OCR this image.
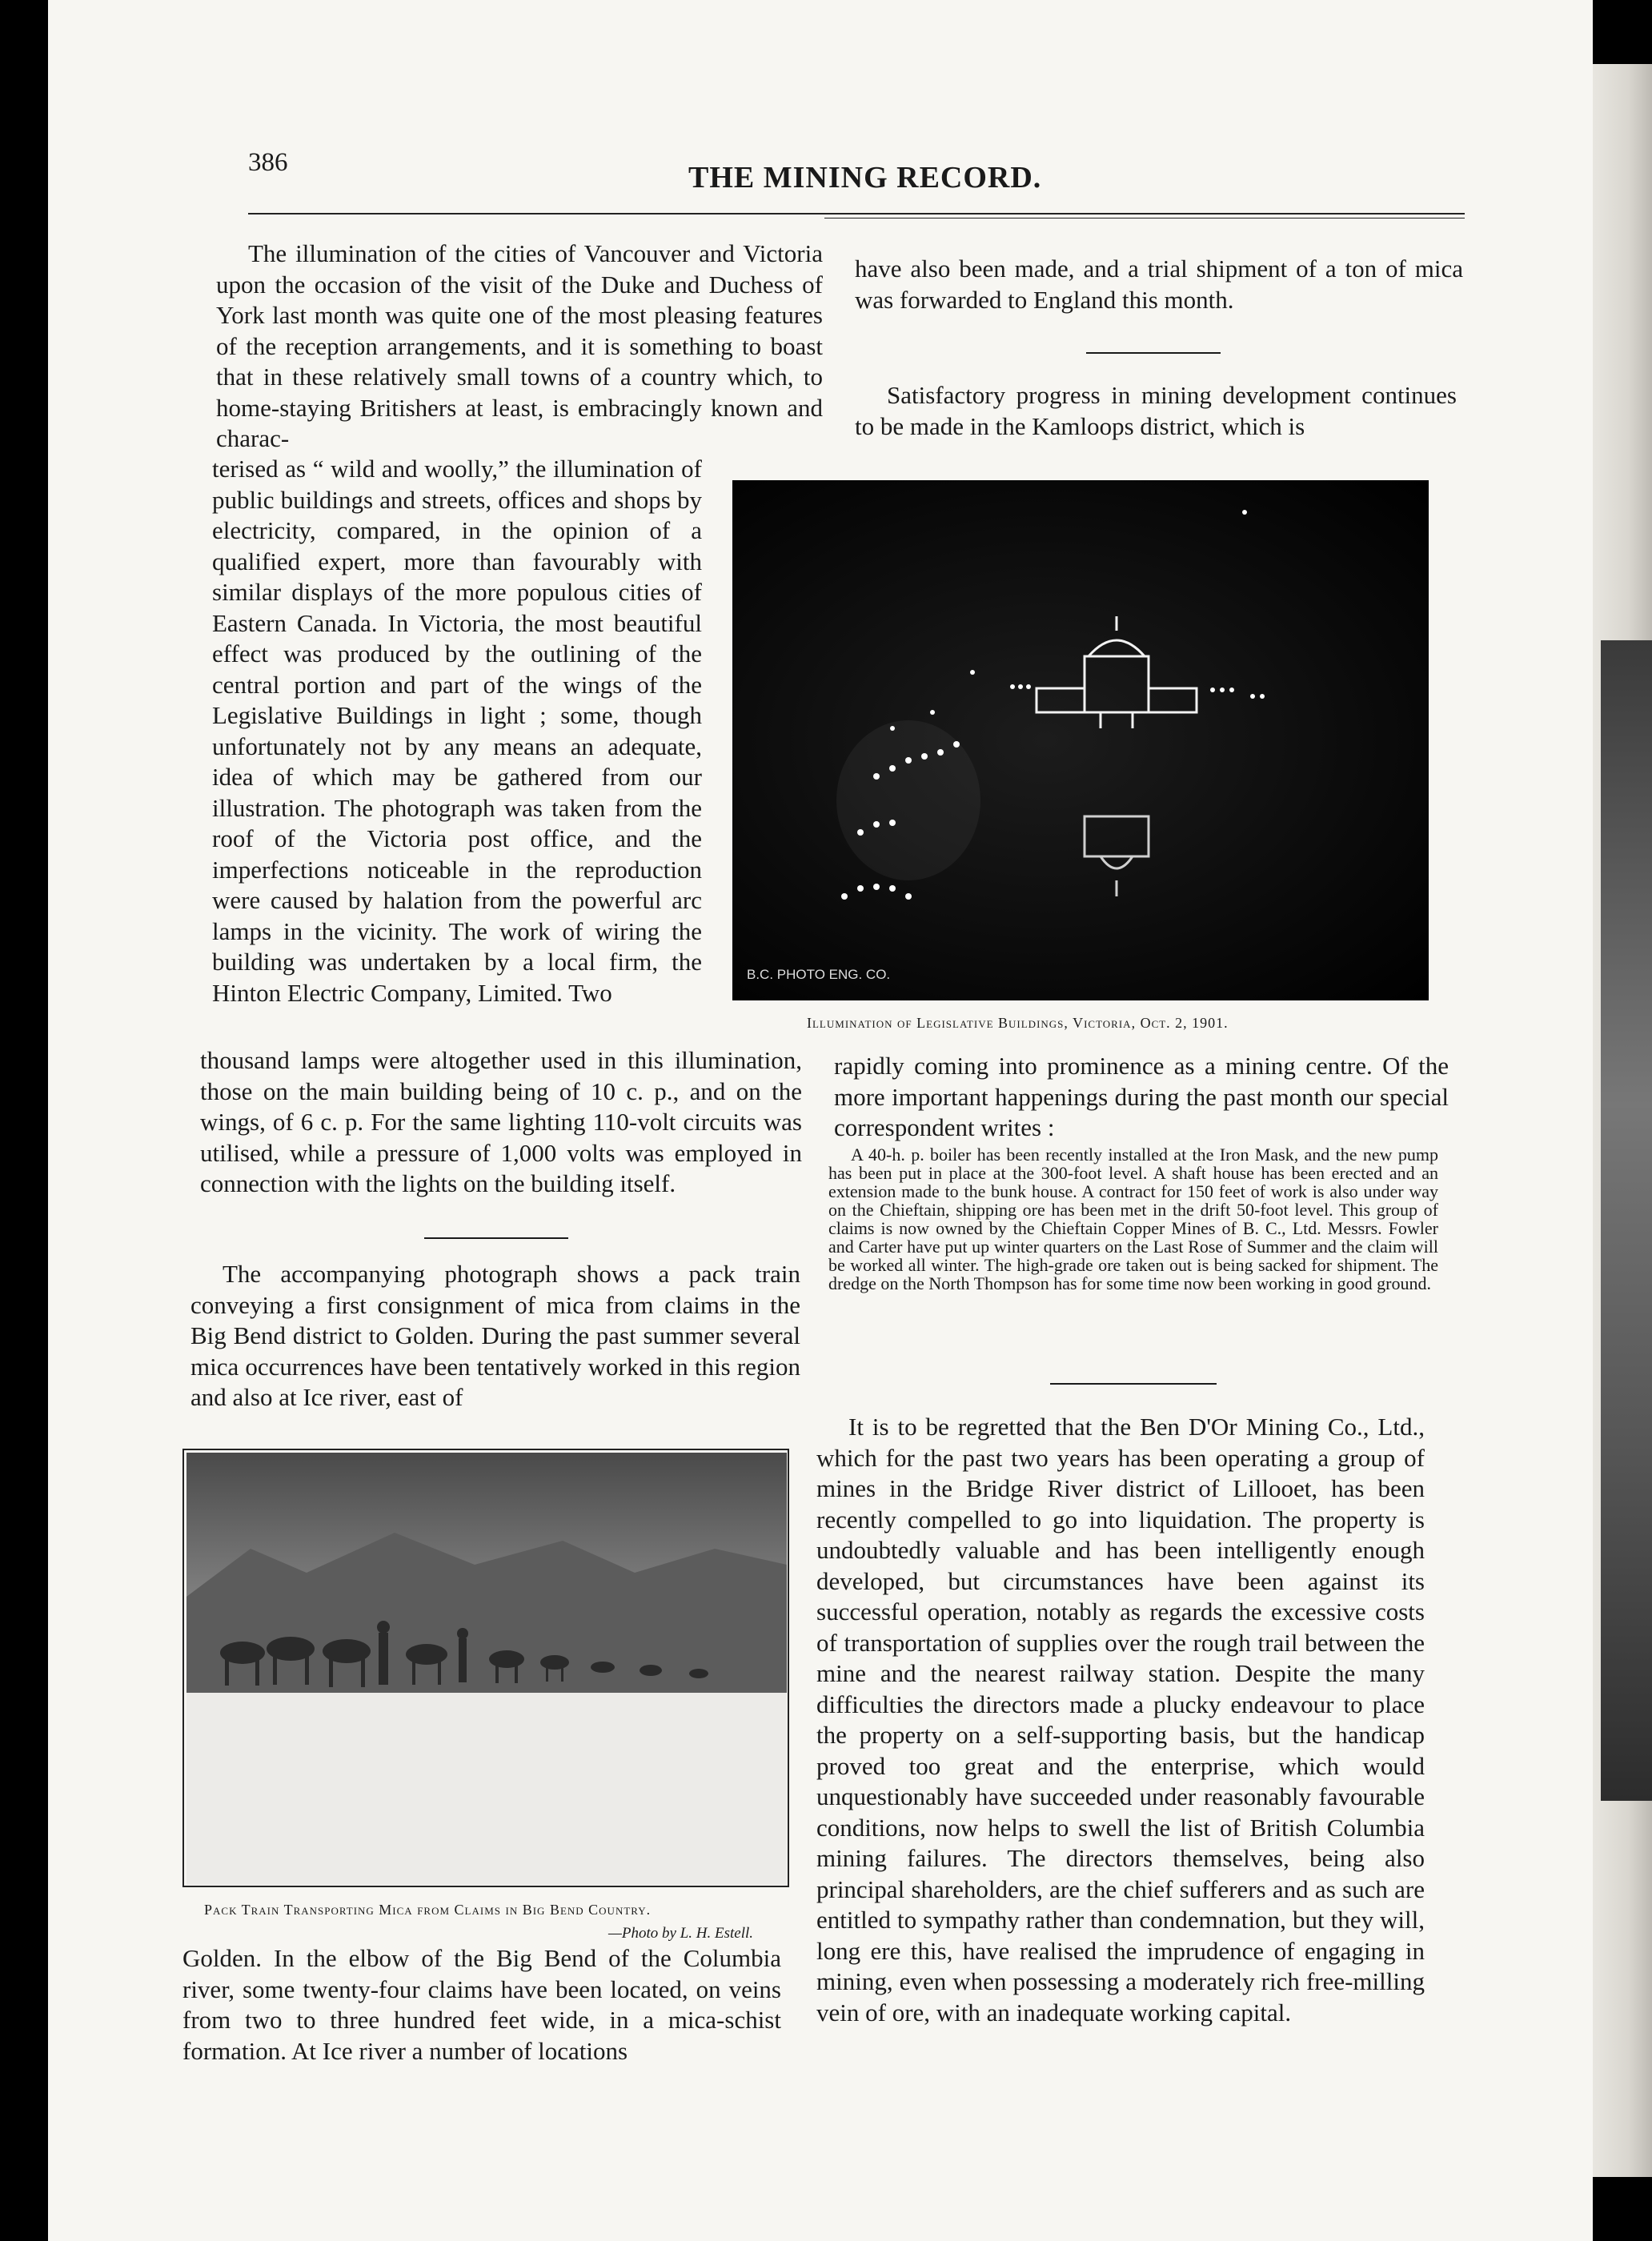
386	THE MINING RECORD.

The illumination of the cities of Vancouver and Victoria upon the occasion of the visit of the Duke and Duchess of York last month was quite one of the most pleasing features of the reception arrangements, and it is something to boast that in these relatively small towns of a country which, to home-staying Britishers at least, is embracingly known and charac-

terised as “ wild and woolly,” the illumination of public buildings and streets, offices and shops by electricity, compared, in the opinion of a qualified expert, more than favourably with similar displays of the more populous cities of Eastern Canada. In Victoria, the most beautiful effect was produced by the outlining of the central portion and part of the wings of the Legislative Buildings in light ; some, though unfortunately not by any means an adequate, idea of which may be gathered from our illustration. The photograph was taken from the roof of the Victoria post office, and the imperfections noticeable in the reproduction were caused by halation from the powerful arc lamps in the vicinity. The work of wiring the building was undertaken by a local firm, the Hinton Electric Company, Limited. Two

thousand lamps were altogether used in this illumination, those on the main building being of 10 c. p., and on the wings, of 6 c. p. For the same lighting 110-volt circuits was utilised, while a pressure of 1,000 volts was employed in connection with the lights on the building itself.

The accompanying photograph shows a pack train conveying a first consignment of mica from claims in the Big Bend district to Golden. During the past summer several mica occurrences have been tentatively worked in this region and also at Ice river, east of

Pack Train Transporting Mica from Claims in Big Bend Country.
—Photo by L. H. Estell.

Golden. In the elbow of the Big Bend of the Columbia river, some twenty-four claims have been located, on veins from two to three hundred feet wide, in a mica-schist formation. At Ice river a number of locations

have also been made, and a trial shipment of a ton of mica was forwarded to England this month.

Satisfactory progress in mining development continues to be made in the Kamloops district, which is

B.C. PHOTO ENG. CO.
Illumination of Legislative Buildings, Victoria, Oct. 2, 1901.

rapidly coming into prominence as a mining centre. Of the more important happenings during the past month our special correspondent writes :

A 40-h. p. boiler has been recently installed at the Iron Mask, and the new pump has been put in place at the 300-foot level. A shaft house has been erected and an extension made to the bunk house. A contract for 150 feet of work is also under way on the Chieftain, shipping ore has been met in the drift 50-foot level. This group of claims is now owned by the Chieftain Copper Mines of B. C., Ltd. Messrs. Fowler and Carter have put up winter quarters on the Last Rose of Summer and the claim will be worked all winter. The high-grade ore taken out is being sacked for shipment. The dredge on the North Thompson has for some time now been working in good ground.

It is to be regretted that the Ben D'Or Mining Co., Ltd., which for the past two years has been operating a group of mines in the Bridge River district of Lillooet, has been recently compelled to go into liquidation. The property is undoubtedly valuable and has been intelligently enough developed, but circumstances have been against its successful operation, notably as regards the excessive costs of transportation of supplies over the rough trail between the mine and the nearest railway station. Despite the many difficulties the directors made a plucky endeavour to place the property on a self-supporting basis, but the handicap proved too great and the enterprise, which would unquestionably have succeeded under reasonably favourable conditions, now helps to swell the list of British Columbia mining failures. The directors themselves, being also principal shareholders, are the chief sufferers and as such are entitled to sympathy rather than condemnation, but they will, long ere this, have realised the imprudence of engaging in mining, even when possessing a moderately rich free-milling vein of ore, with an inadequate working capital.
